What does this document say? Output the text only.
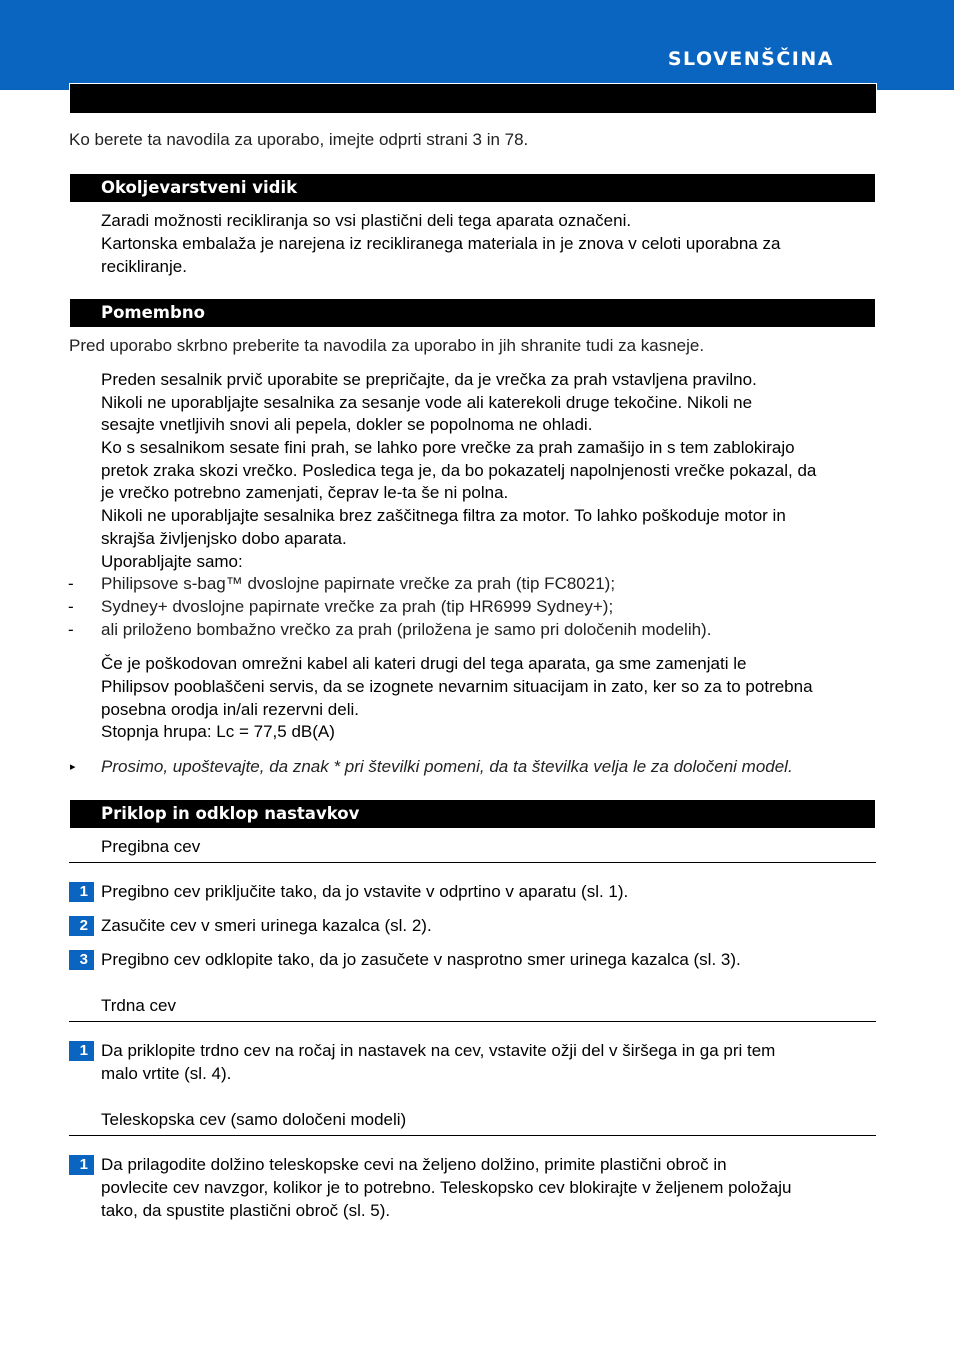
SLOVENŠČINA
Ko berete ta navodila za uporabo, imejte odprti strani 3 in 78.
Okoljevarstveni vidik
Zaradi možnosti recikliranja so vsi plastični deli tega aparata označeni.
Kartonska embalaža je narejena iz recikliranega materiala in je znova v celoti uporabna za
recikliranje.
Pomembno
Pred uporabo skrbno preberite ta navodila za uporabo in jih shranite tudi za kasneje.
Preden sesalnik prvič uporabite se prepričajte, da je vrečka za prah vstavljena pravilno.
Nikoli ne uporabljajte sesalnika za sesanje vode ali katerekoli druge tekočine. Nikoli ne
sesajte vnetljivih snovi ali pepela, dokler se popolnoma ne ohladi.
Ko s sesalnikom sesate fini prah, se lahko pore vrečke za prah zamašijo in s tem zablokirajo
pretok zraka skozi vrečko. Posledica tega je, da bo pokazatelj napolnjenosti vrečke pokazal, da
je vrečko potrebno zamenjati, čeprav le-ta še ni polna.
Nikoli ne uporabljajte sesalnika brez zaščitnega filtra za motor. To lahko poškoduje motor in
skrajša življenjsko dobo aparata.
Uporabljajte samo:
- Philipsove s-bag™ dvoslojne papirnate vrečke za prah (tip FC8021);
- Sydney+ dvoslojne papirnate vrečke za prah (tip HR6999 Sydney+);
- ali priloženo bombažno vrečko za prah (priložena je samo pri določenih modelih).
Če je poškodovan omrežni kabel ali kateri drugi del tega aparata, ga sme zamenjati le
Philipsov pooblaščeni servis, da se izognete nevarnim situacijam in zato, ker so za to potrebna
posebna orodja in/ali rezervni deli.
Stopnja hrupa: Lc = 77,5 dB(A)
▸ Prosimo, upoštevajte, da znak * pri številki pomeni, da ta številka velja le za določeni model.
Priklop in odklop nastavkov
Pregibna cev
1 Pregibno cev priključite tako, da jo vstavite v odprtino v aparatu (sl. 1).
2 Zasučite cev v smeri urinega kazalca (sl. 2).
3 Pregibno cev odklopite tako, da jo zasučete v nasprotno smer urinega kazalca (sl. 3).
Trdna cev
1 Da priklopite trdno cev na ročaj in nastavek na cev, vstavite ožji del v širšega in ga pri tem
malo vrtite (sl. 4).
Teleskopska cev (samo določeni modeli)
1 Da prilagodite dolžino teleskopske cevi na željeno dolžino, primite plastični obroč in
povlecite cev navzgor, kolikor je to potrebno. Teleskopsko cev blokirajte v željenem položaju
tako, da spustite plastični obroč (sl. 5).
